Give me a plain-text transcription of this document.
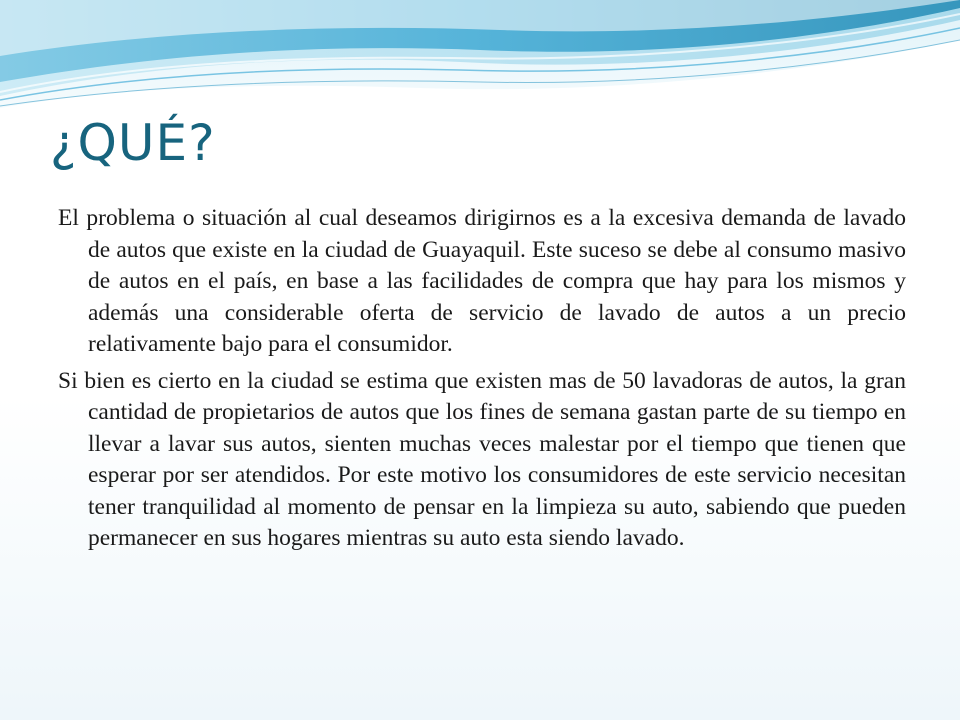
¿QUÉ?

El problema o situación al cual deseamos dirigirnos es a la excesiva demanda de lavado de autos que existe en la ciudad de Guayaquil. Este suceso se debe al consumo masivo de autos en el país, en base a las facilidades de compra que hay para los mismos y además una considerable oferta de servicio de lavado de autos a un precio relativamente bajo para el consumidor.

Si bien es cierto en la ciudad se estima que existen mas de 50 lavadoras de autos, la gran cantidad de propietarios de autos que los fines de semana gastan parte de su tiempo en llevar a lavar sus autos, sienten muchas veces malestar por el tiempo que tienen que esperar por ser atendidos. Por este motivo los consumidores de este servicio necesitan tener tranquilidad al momento de pensar en la limpieza su auto, sabiendo que pueden permanecer en sus hogares mientras su auto esta siendo lavado.
